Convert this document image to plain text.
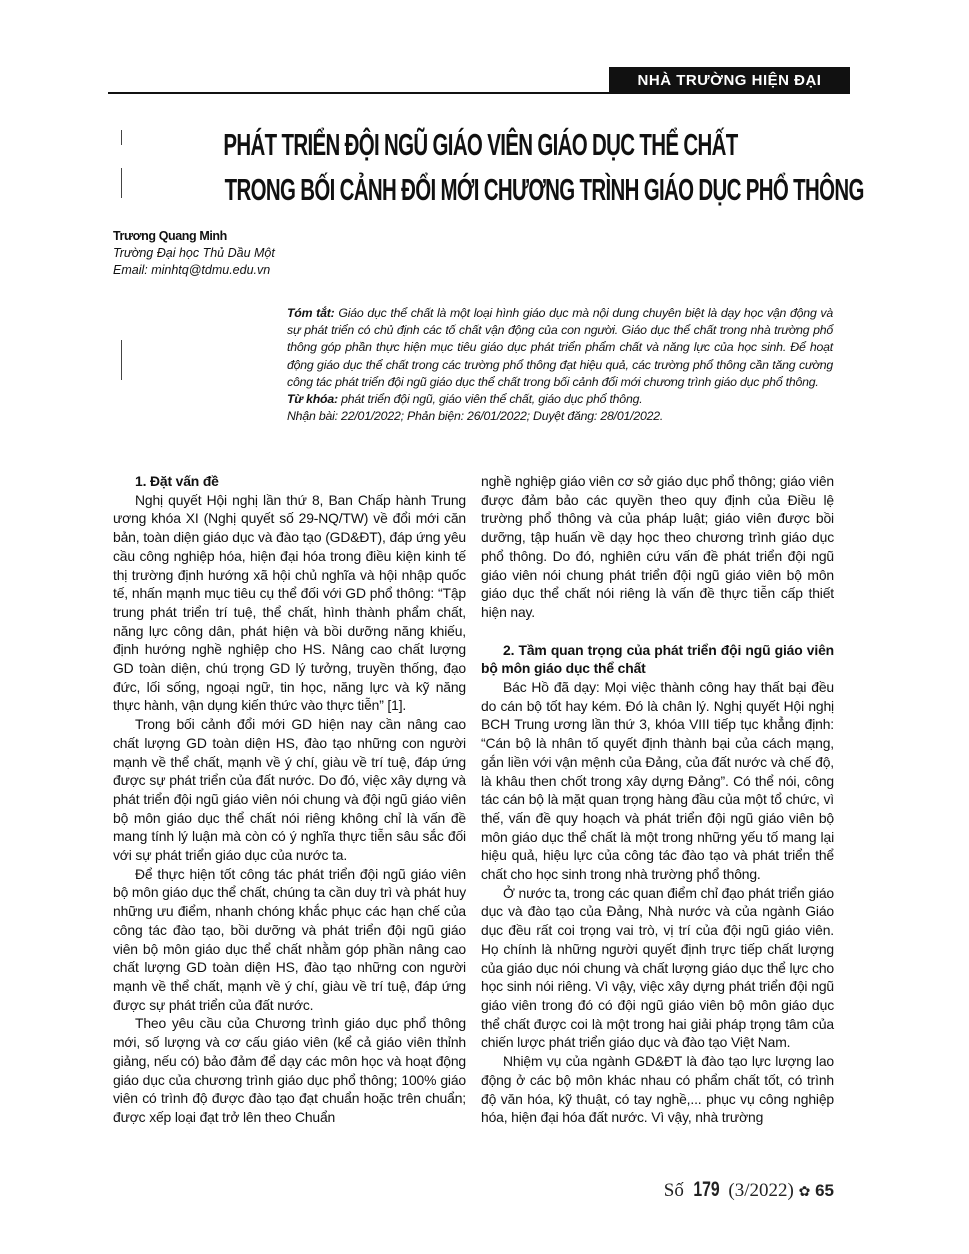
NHÀ TRƯỜNG HIỆN ĐẠI
PHÁT TRIỂN ĐỘI NGŨ GIÁO VIÊN GIÁO DỤC THỂ CHẤT
TRONG BỐI CẢNH ĐỔI MỚI CHƯƠNG TRÌNH GIÁO DỤC PHỔ THÔNG
Trương Quang Minh
Trường Đại học Thủ Dầu Một
Email: minhtq@tdmu.edu.vn
Tóm tắt: Giáo dục thể chất là một loại hình giáo dục mà nội dung chuyên biệt là dạy học vận động và sự phát triển có chủ định các tố chất vận động của con người. Giáo dục thể chất trong nhà trường phổ thông góp phần thực hiện mục tiêu giáo dục phát triển phẩm chất và năng lực của học sinh. Để hoạt động giáo dục thể chất trong các trường phổ thông đạt hiệu quả, các trường phổ thông cần tăng cường công tác phát triển đội ngũ giáo dục thể chất trong bối cảnh đổi mới chương trình giáo dục phổ thông.
Từ khóa: phát triển đội ngũ, giáo viên thể chất, giáo dục phổ thông.
Nhận bài: 22/01/2022; Phản biện: 26/01/2022; Duyệt đăng: 28/01/2022.
1. Đặt vấn đề

Nghị quyết Hội nghị lần thứ 8, Ban Chấp hành Trung ương khóa XI (Nghị quyết số 29-NQ/TW) về đổi mới căn bản, toàn diện giáo dục và đào tạo (GD&ĐT), đáp ứng yêu cầu công nghiệp hóa, hiện đại hóa trong điều kiện kinh tế thị trường định hướng xã hội chủ nghĩa và hội nhập quốc tế, nhấn mạnh mục tiêu cụ thể đối với GD phổ thông: “Tập trung phát triển trí tuệ, thể chất, hình thành phẩm chất, năng lực công dân, phát hiện và bồi dưỡng năng khiếu, định hướng nghề nghiệp cho HS. Nâng cao chất lượng GD toàn diện, chú trọng GD lý tưởng, truyền thống, đạo đức, lối sống, ngoại ngữ, tin học, năng lực và kỹ năng thực hành, vận dụng kiến thức vào thực tiễn” [1].

Trong bối cảnh đổi mới GD hiện nay cần nâng cao chất lượng GD toàn diện HS, đào tạo những con người mạnh về thể chất, mạnh về ý chí, giàu về trí tuệ, đáp ứng được sự phát triển của đất nước. Do đó, việc xây dựng và phát triển đội ngũ giáo viên nói chung và đội ngũ giáo viên bộ môn giáo dục thể chất nói riêng không chỉ là vấn đề mang tính lý luận mà còn có ý nghĩa thực tiễn sâu sắc đối với sự phát triển giáo dục của nước ta.

Để thực hiện tốt công tác phát triển đội ngũ giáo viên bộ môn giáo dục thể chất, chúng ta cần duy trì và phát huy những ưu điểm, nhanh chóng khắc phục các hạn chế của công tác đào tạo, bồi dưỡng và phát triển đội ngũ giáo viên bộ môn giáo dục thể chất nhằm góp phần nâng cao chất lượng GD toàn diện HS, đào tạo những con người mạnh về thể chất, mạnh về ý chí, giàu về trí tuệ, đáp ứng được sự phát triển của đất nước.

Theo yêu cầu của Chương trình giáo dục phổ thông mới, số lượng và cơ cấu giáo viên (kể cả giáo viên thỉnh giảng, nếu có) bảo đảm để dạy các môn học và hoạt động giáo dục của chương trình giáo dục phổ thông; 100% giáo viên có trình độ được đào tạo đạt chuẩn hoặc trên chuẩn; được xếp loại đạt trở lên theo Chuẩn

nghề nghiệp giáo viên cơ sở giáo dục phổ thông; giáo viên được đảm bảo các quyền theo quy định của Điều lệ trường phổ thông và của pháp luật; giáo viên được bồi dưỡng, tập huấn về dạy học theo chương trình giáo dục phổ thông. Do đó, nghiên cứu vấn đề phát triển đội ngũ giáo viên nói chung phát triển đội ngũ giáo viên bộ môn giáo dục thể chất nói riêng là vấn đề thực tiễn cấp thiết hiện nay.

2. Tầm quan trọng của phát triển đội ngũ giáo viên bộ môn giáo dục thể chất

Bác Hồ đã dạy: Mọi việc thành công hay thất bại đều do cán bộ tốt hay kém. Đó là chân lý. Nghị quyết Hội nghị BCH Trung ương lần thứ 3, khóa VIII tiếp tục khẳng định: “Cán bộ là nhân tố quyết định thành bại của cách mạng, gắn liền với vận mệnh của Đảng, của đất nước và chế độ, là khâu then chốt trong xây dựng Đảng”. Có thể nói, công tác cán bộ là mặt quan trọng hàng đầu của một tổ chức, vì thế, vấn đề quy hoạch và phát triển đội ngũ giáo viên bộ môn giáo dục thể chất là một trong những yếu tố mang lại hiệu quả, hiệu lực của công tác đào tạo và phát triển thể chất cho học sinh trong nhà trường phổ thông.

Ở nước ta, trong các quan điểm chỉ đạo phát triển giáo dục và đào tạo của Đảng, Nhà nước và của ngành Giáo dục đều rất coi trọng vai trò, vị trí của đội ngũ giáo viên. Họ chính là những người quyết định trực tiếp chất lượng của giáo dục nói chung và chất lượng giáo dục thể lực cho học sinh nói riêng. Vì vậy, việc xây dựng phát triển đội ngũ giáo viên trong đó có đội ngũ giáo viên bộ môn giáo dục thể chất được coi là một trong hai giải pháp trọng tâm của chiến lược phát triển giáo dục và đào tạo Việt Nam.

Nhiệm vụ của ngành GD&ĐT là đào tạo lực lượng lao động ở các bộ môn khác nhau có phẩm chất tốt, có trình độ văn hóa, kỹ thuật, có tay nghề,... phục vụ công nghiệp hóa, hiện đại hóa đất nước. Vì vậy, nhà trường

Số 179 (3/2022) ✿ 65
